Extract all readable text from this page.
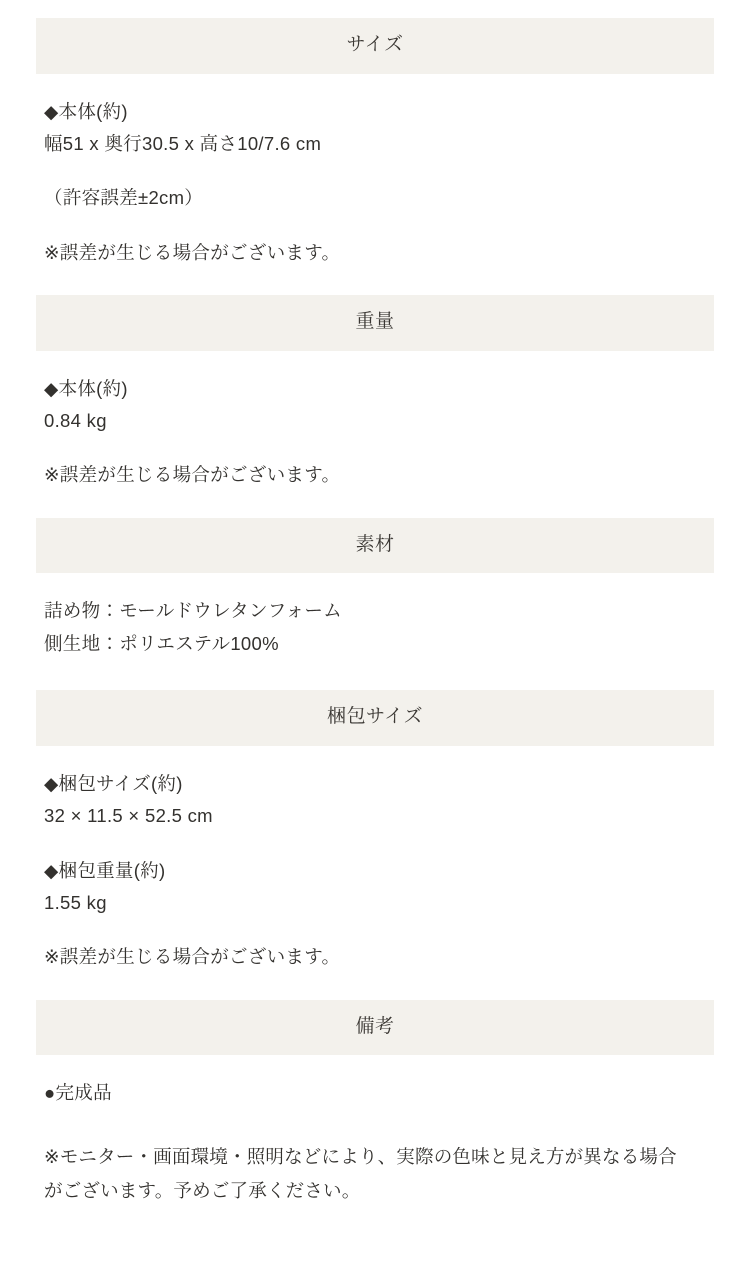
サイズ
◆本体(約)
幅51 x 奥行30.5 x 高さ10/7.6 cm
（許容誤差±2cm）
※誤差が生じる場合がございます。
重量
◆本体(約)
0.84 kg
※誤差が生じる場合がございます。
素材
詰め物：モールドウレタンフォーム
側生地：ポリエステル100%
梱包サイズ
◆梱包サイズ(約)
32 × 11.5 × 52.5 cm
◆梱包重量(約)
1.55 kg
※誤差が生じる場合がございます。
備考
●完成品
※モニター・画面環境・照明などにより、実際の色味と見え方が異なる場合がございます。予めご了承ください。
